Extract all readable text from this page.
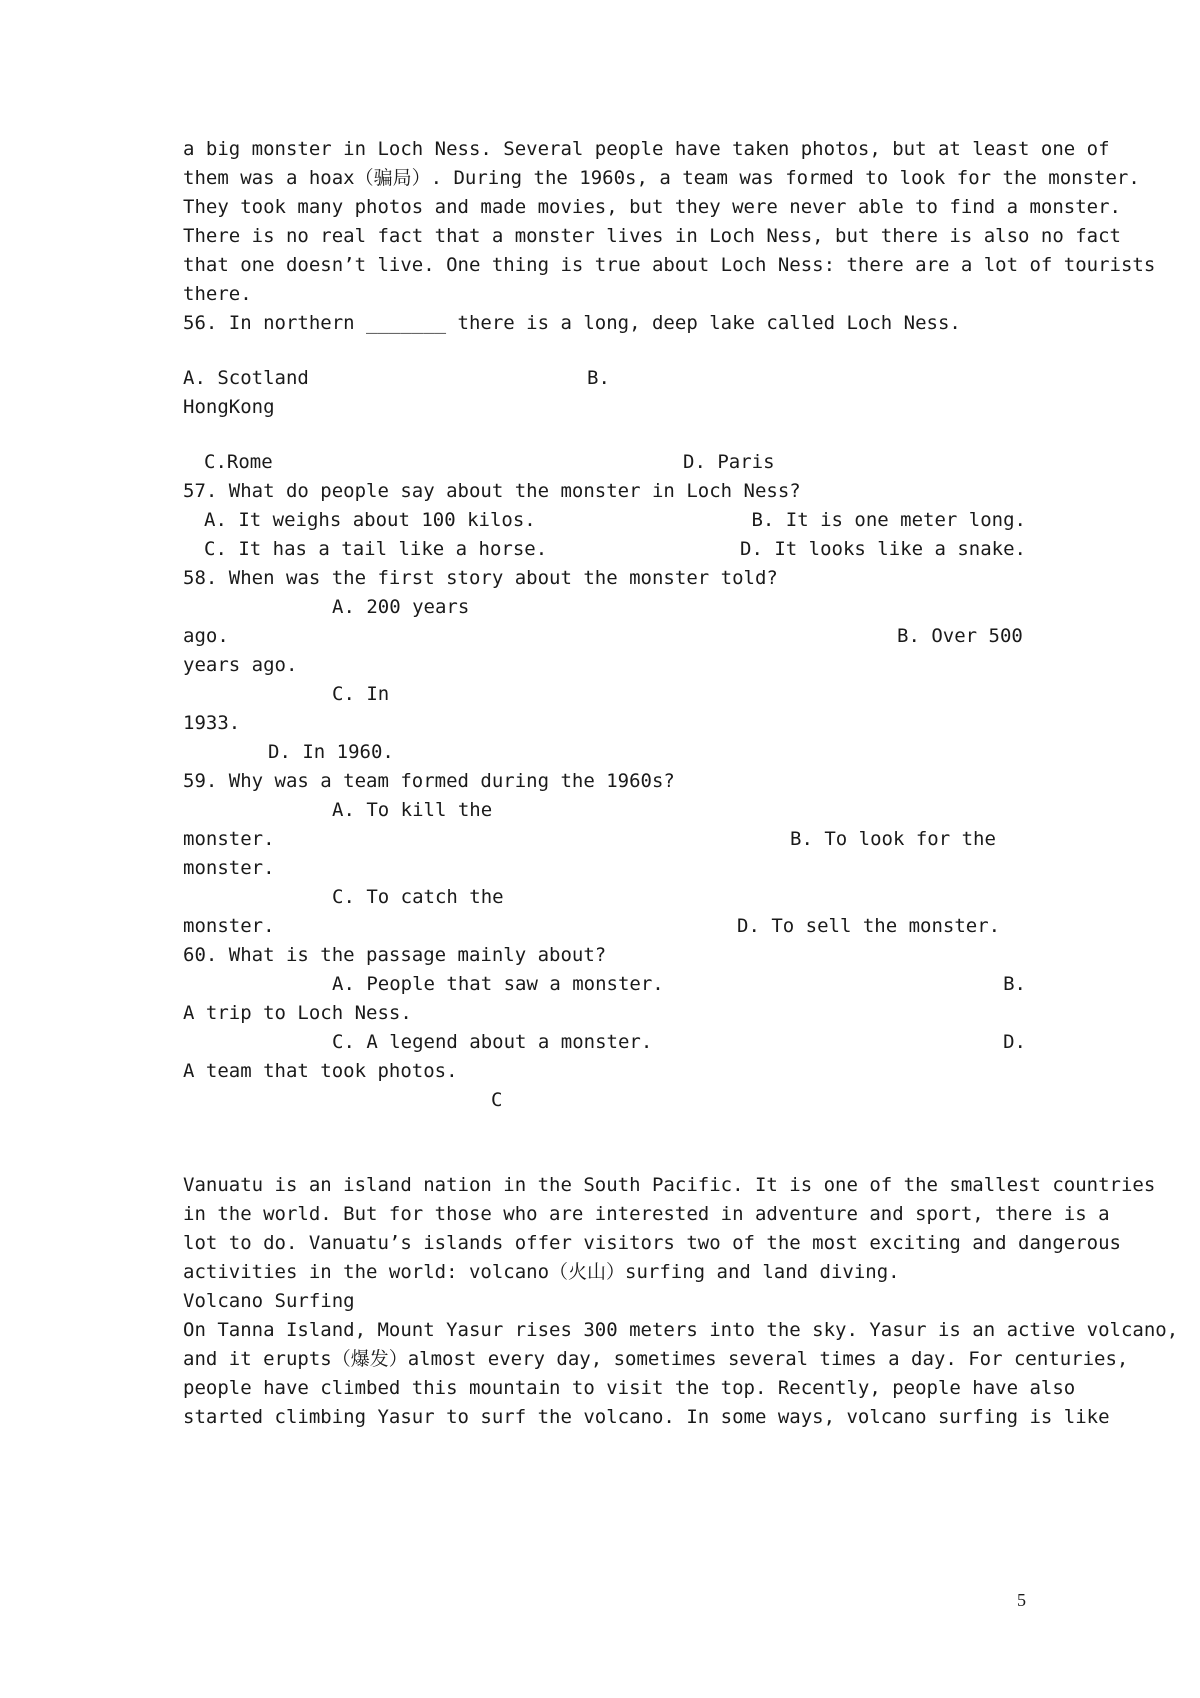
a big monster in Loch Ness. Several people have taken photos, but at least one of
them was a hoax（骗局）. During the 1960s, a team was formed to look for the monster.
They took many photos and made movies, but they were never able to find a monster.
There is no real fact that a monster lives in Loch Ness, but there is also no fact
that one doesn’t live. One thing is true about Loch Ness: there are a lot of tourists
there.
56. In northern _______ there is a long, deep lake called Loch Ness.
A. Scotland	B.
HongKong
C.Rome	D. Paris
57. What do people say about the monster in Loch Ness?
A. It weighs about 100 kilos.	B. It is one meter long.
C. It has a tail like a horse.	D. It looks like a snake.
58. When was the first story about the monster told?
A. 200 years
ago.	B. Over 500
years ago.
C. In
1933.
D. In 1960.
59. Why was a team formed during the 1960s?
A. To kill the
monster.	B. To look for the
monster.
C. To catch the
monster.	D. To sell the monster.
60. What is the passage mainly about?
A. People that saw a monster.	B.
A trip to Loch Ness.
C. A legend about a monster.	D.
A team that took photos.
C
Vanuatu is an island nation in the South Pacific. It is one of the smallest countries
in the world. But for those who are interested in adventure and sport, there is a
lot to do. Vanuatu’s islands offer visitors two of the most exciting and dangerous
activities in the world: volcano（火山）surfing and land diving.
Volcano Surfing
On Tanna Island, Mount Yasur rises 300 meters into the sky. Yasur is an active volcano,
and it erupts（爆发）almost every day, sometimes several times a day. For centuries,
people have climbed this mountain to visit the top. Recently, people have also
started climbing Yasur to surf the volcano. In some ways, volcano surfing is like
5
